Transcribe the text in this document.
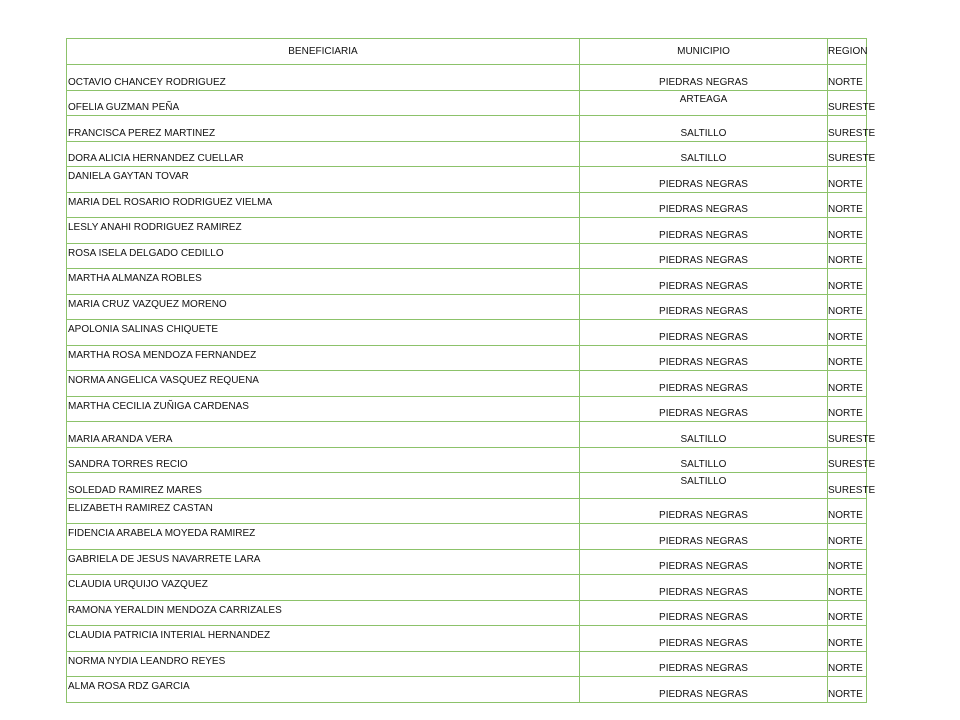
BENEFICIARIA	MUNICIPIO	REGION
OCTAVIO CHANCEY RODRIGUEZ	PIEDRAS NEGRAS	NORTE
OFELIA GUZMAN PEÑA	ARTEAGA	SURESTE
FRANCISCA PEREZ MARTINEZ	SALTILLO	SURESTE
DORA ALICIA HERNANDEZ CUELLAR	SALTILLO	SURESTE
DANIELA GAYTAN TOVAR	PIEDRAS NEGRAS	NORTE
MARIA DEL ROSARIO RODRIGUEZ VIELMA	PIEDRAS NEGRAS	NORTE
LESLY ANAHI RODRIGUEZ RAMIREZ	PIEDRAS NEGRAS	NORTE
ROSA ISELA DELGADO CEDILLO	PIEDRAS NEGRAS	NORTE
MARTHA ALMANZA ROBLES	PIEDRAS NEGRAS	NORTE
MARIA CRUZ VAZQUEZ MORENO	PIEDRAS NEGRAS	NORTE
APOLONIA SALINAS CHIQUETE	PIEDRAS NEGRAS	NORTE
MARTHA ROSA MENDOZA FERNANDEZ	PIEDRAS NEGRAS	NORTE
NORMA ANGELICA VASQUEZ REQUENA	PIEDRAS NEGRAS	NORTE
MARTHA CECILIA ZUÑIGA CARDENAS	PIEDRAS NEGRAS	NORTE
MARIA ARANDA VERA	SALTILLO	SURESTE
SANDRA TORRES RECIO	SALTILLO	SURESTE
SOLEDAD RAMIREZ MARES	SALTILLO	SURESTE
ELIZABETH RAMIREZ CASTAN	PIEDRAS NEGRAS	NORTE
FIDENCIA ARABELA MOYEDA RAMIREZ	PIEDRAS NEGRAS	NORTE
GABRIELA DE JESUS NAVARRETE LARA	PIEDRAS NEGRAS	NORTE
CLAUDIA URQUIJO VAZQUEZ	PIEDRAS NEGRAS	NORTE
RAMONA YERALDIN MENDOZA CARRIZALES	PIEDRAS NEGRAS	NORTE
CLAUDIA PATRICIA INTERIAL HERNANDEZ	PIEDRAS NEGRAS	NORTE
NORMA NYDIA LEANDRO REYES	PIEDRAS NEGRAS	NORTE
ALMA ROSA RDZ GARCIA	PIEDRAS NEGRAS	NORTE
